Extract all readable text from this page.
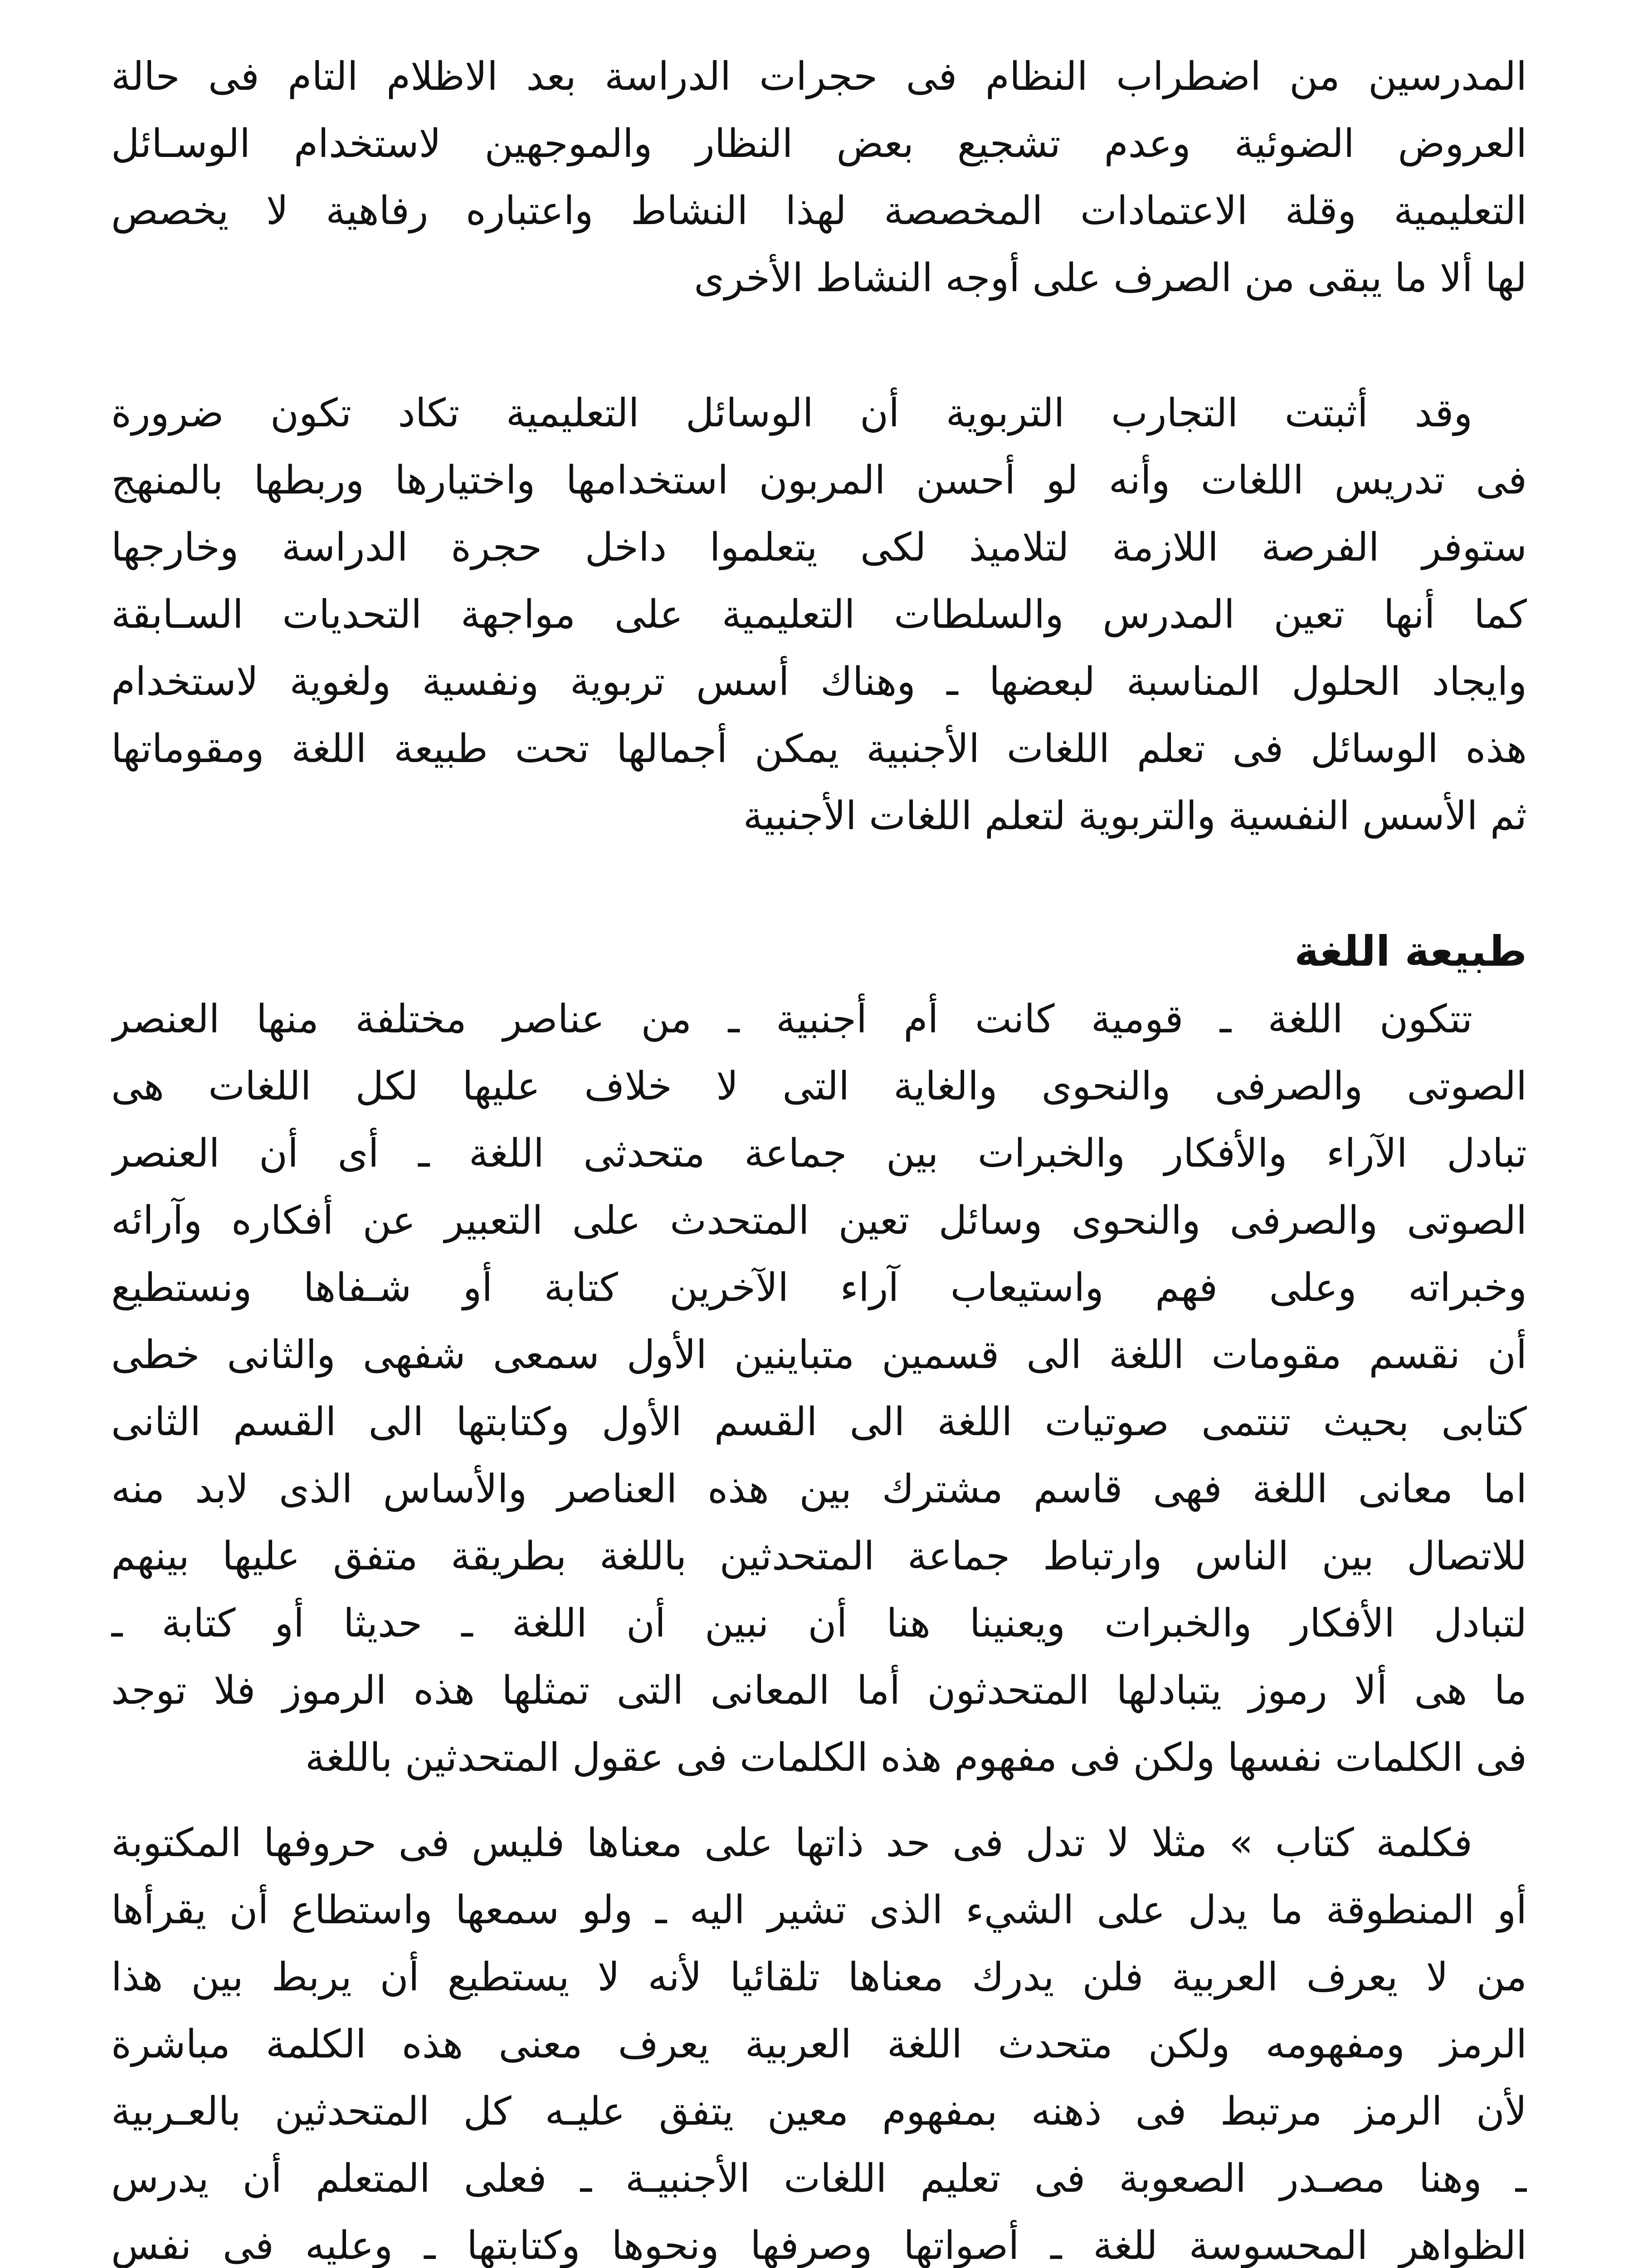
المدرسين من اضطراب النظام فى حجرات الدراسة بعد الاظلام التام فى حالة
العروض الضوئية وعدم تشجيع بعض النظار والموجهين لاستخدام الوسـائل
التعليمية وقلة الاعتمادات المخصصة لهذا النشاط واعتباره رفاهية لا يخصص
لها ألا ما يبقى من الصرف على أوجه النشاط الأخرى
وقد أثبتت التجارب التربوية أن الوسائل التعليمية تكاد تكون ضرورة
فى تدريس اللغات وأنه لو أحسن المربون استخدامها واختيارها وربطها بالمنهج
ستوفر الفرصة اللازمة لتلاميذ لكى يتعلموا داخل حجرة الدراسة وخارجها
كما أنها تعين المدرس والسلطات التعليمية على مواجهة التحديات السـابقة
وايجاد الحلول المناسبة لبعضها ـ وهناك أسس تربوية ونفسية ولغوية لاستخدام
هذه الوسائل فى تعلم اللغات الأجنبية يمكن أجمالها تحت طبيعة اللغة ومقوماتها
ثم الأسس النفسية والتربوية لتعلم اللغات الأجنبية
طبيعة اللغة
تتكون اللغة ـ قومية كانت أم أجنبية ـ من عناصر مختلفة منها العنصر
الصوتى والصرفى والنحوى والغاية التى لا خلاف عليها لكل اللغات هى
تبادل الآراء والأفكار والخبرات بين جماعة متحدثى اللغة ـ أى أن العنصر
الصوتى والصرفى والنحوى وسائل تعين المتحدث على التعبير عن أفكاره وآرائه
وخبراته وعلى فهم واستيعاب آراء الآخرين كتابة أو شـفاها ونستطيع
أن نقسم مقومات اللغة الى قسمين متباينين الأول سمعى شفهى والثانى خطى
كتابى بحيث تنتمى صوتيات اللغة الى القسم الأول وكتابتها الى القسم الثانى
اما معانى اللغة فهى قاسم مشترك بين هذه العناصر والأساس الذى لابد منه
للاتصال بين الناس وارتباط جماعة المتحدثين باللغة بطريقة متفق عليها بينهم
لتبادل الأفكار والخبرات ويعنينا هنا أن نبين أن اللغة ـ حديثا أو كتابة ـ
ما هى ألا رموز يتبادلها المتحدثون أما المعانى التى تمثلها هذه الرموز فلا توجد
فى الكلمات نفسها ولكن فى مفهوم هذه الكلمات فى عقول المتحدثين باللغة
فكلمة كتاب » مثلا لا تدل فى حد ذاتها على معناها فليس فى حروفها المكتوبة
أو المنطوقة ما يدل على الشيء الذى تشير اليه ـ ولو سمعها واستطاع أن يقرأها
من لا يعرف العربية فلن يدرك معناها تلقائيا لأنه لا يستطيع أن يربط بين هذا
الرمز ومفهومه ولكن متحدث اللغة العربية يعرف معنى هذه الكلمة مباشرة
لأن الرمز مرتبط فى ذهنه بمفهوم معين يتفق عليـه كل المتحدثين بالعـربية
ـ وهنا مصـدر الصعوبة فى تعليم اللغات الأجنبيـة ـ فعلى المتعلم أن يدرس
الظواهر المحسوسة للغة ـ أصواتها وصرفها ونحوها وكتابتها ـ وعليه فى نفس
